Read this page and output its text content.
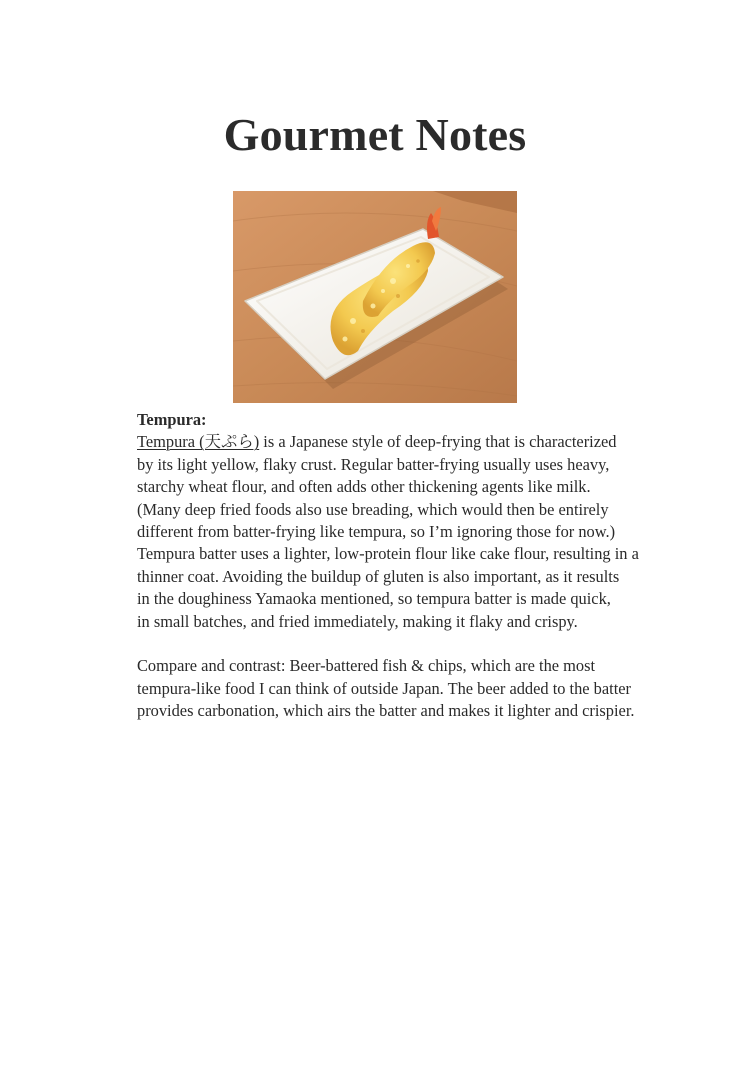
Gourmet Notes

Tempura:

Tempura (天ぷら) is a Japanese style of deep-frying that is characterized
by its light yellow, flaky crust. Regular batter-frying usually uses heavy,
starchy wheat flour, and often adds other thickening agents like milk.
(Many deep fried foods also use breading, which would then be entirely
different from batter-frying like tempura, so I’m ignoring those for now.)
Tempura batter uses a lighter, low-protein flour like cake flour, resulting in a
thinner coat. Avoiding the buildup of gluten is also important, as it results
in the doughiness Yamaoka mentioned, so tempura batter is made quick,
in small batches, and fried immediately, making it flaky and crispy.

Compare and contrast: Beer-battered fish & chips, which are the most
tempura-like food I can think of outside Japan. The beer added to the batter
provides carbonation, which airs the batter and makes it lighter and crispier.
